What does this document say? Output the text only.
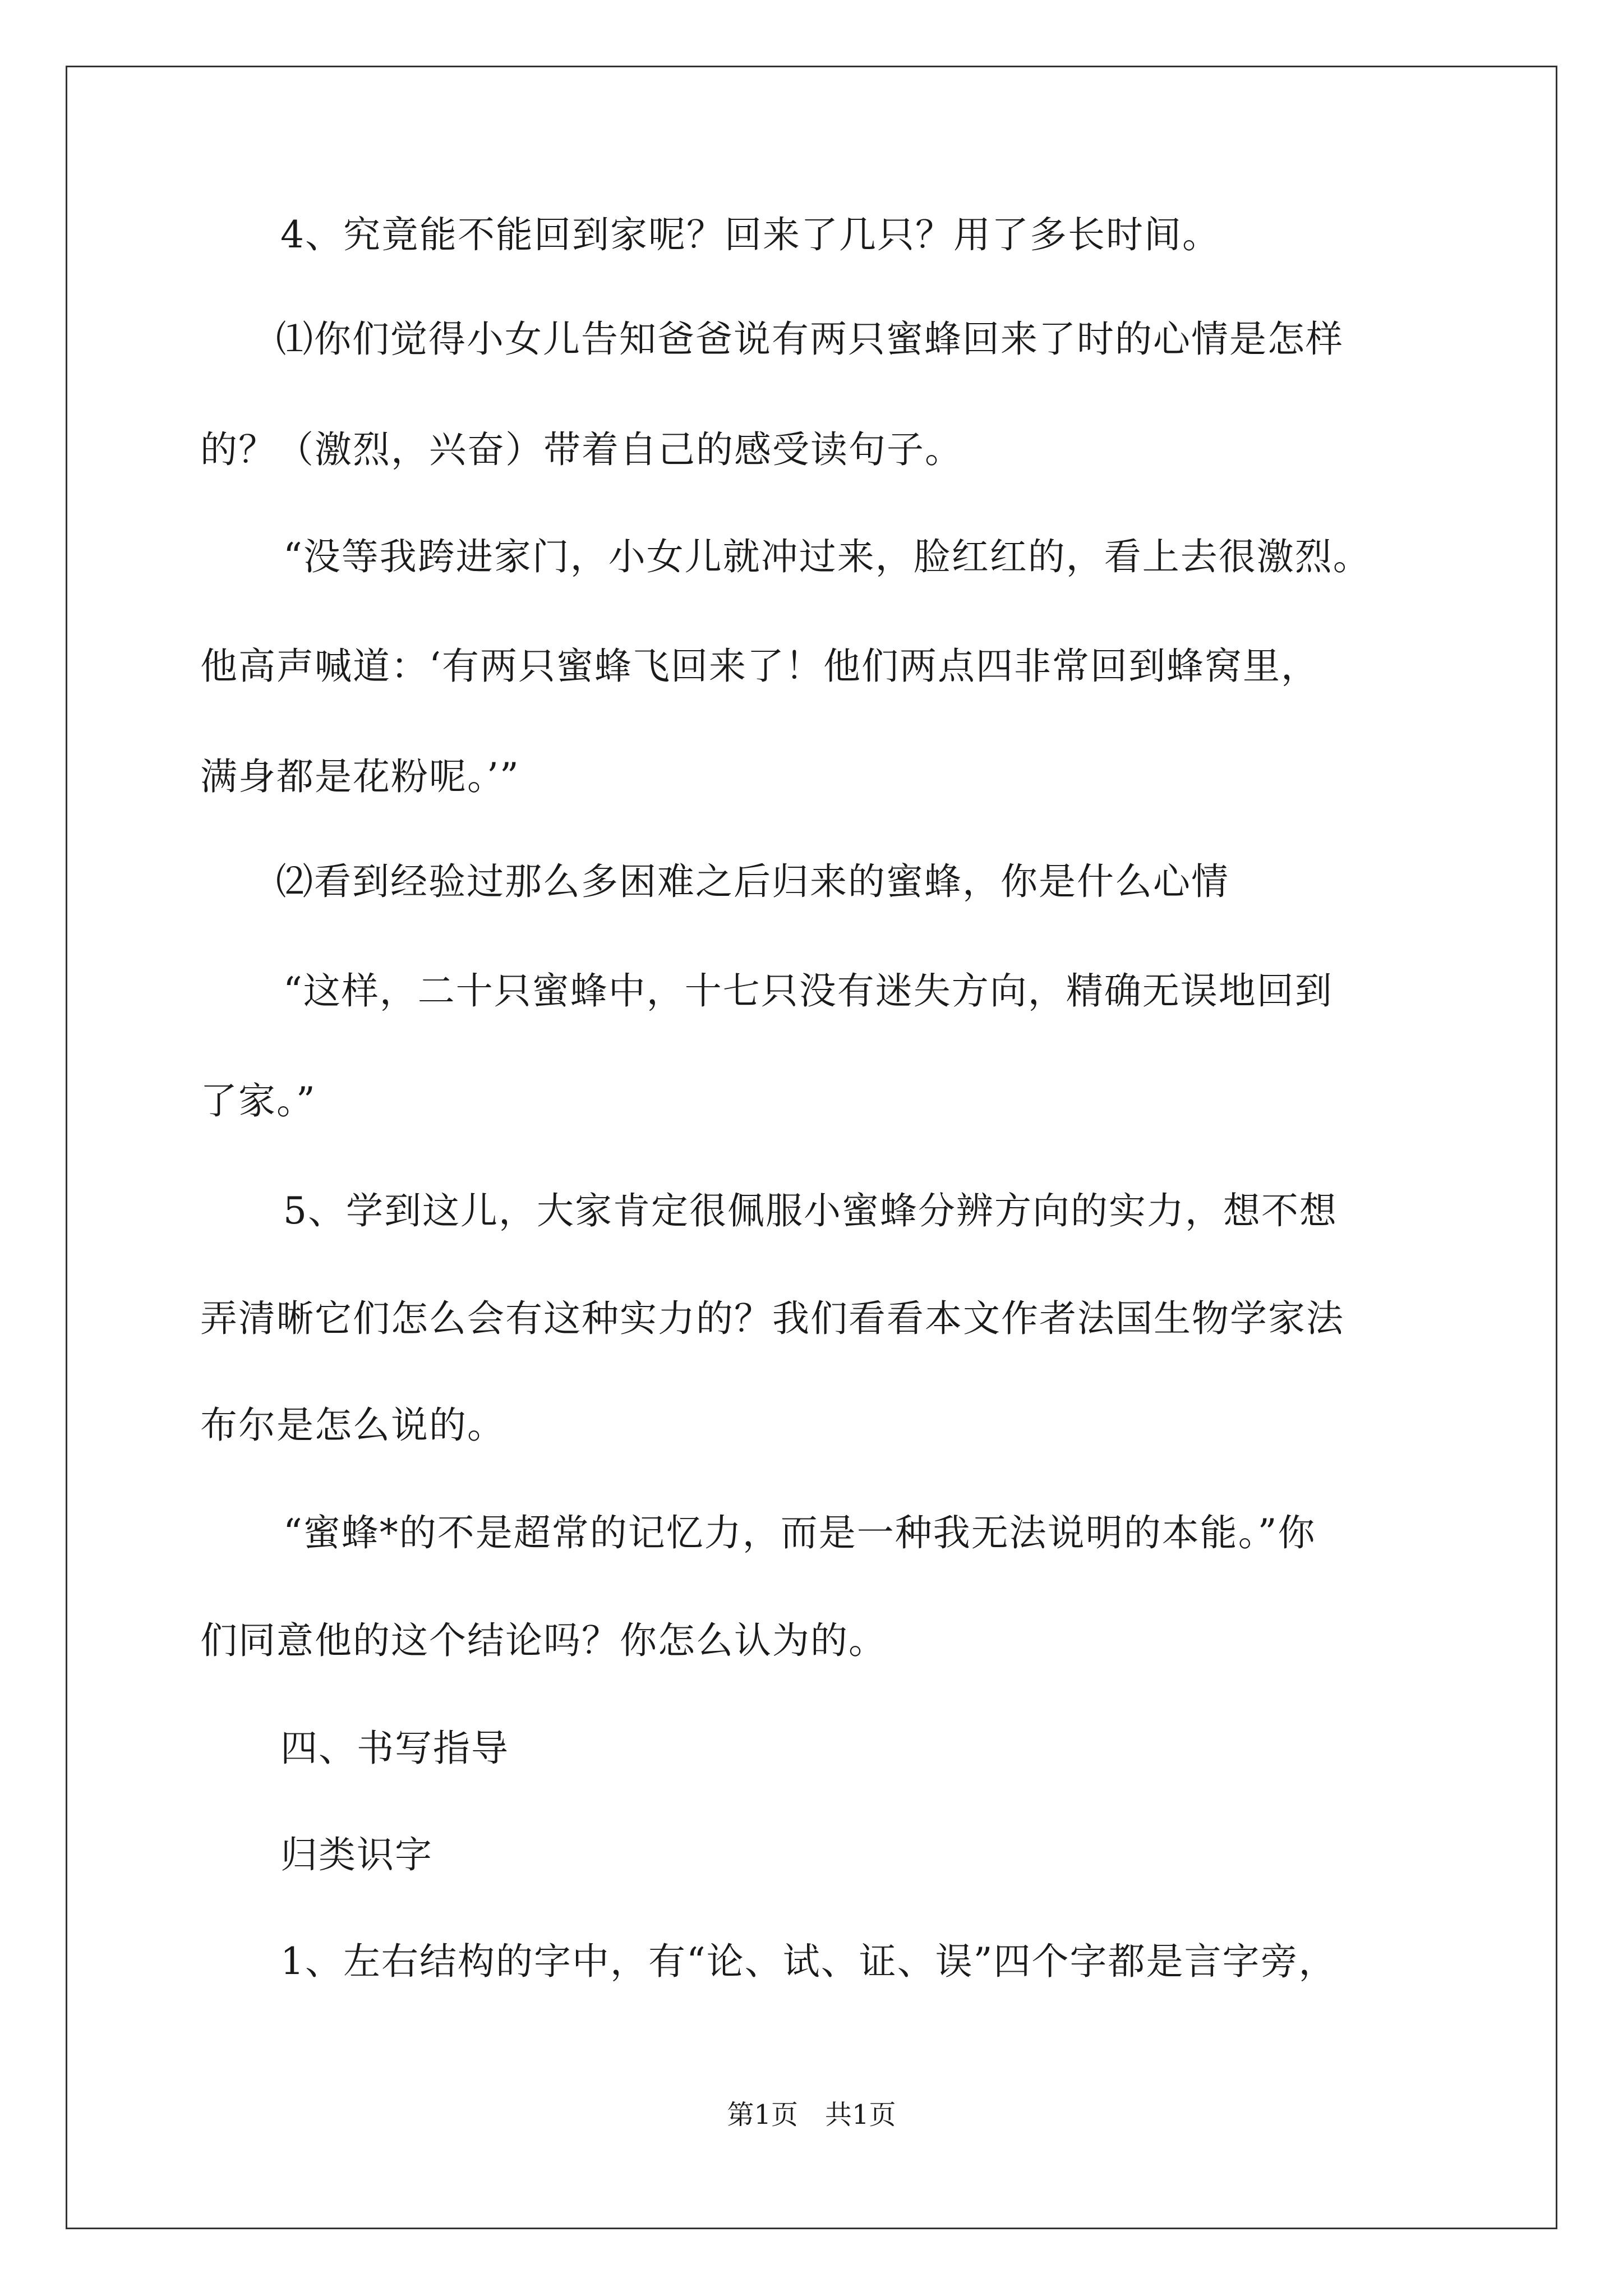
4、究竟能不能回到家呢？回来了几只？用了多长时间。
⑴你们觉得小女儿告知爸爸说有两只蜜蜂回来了时的心情是怎样
的？（激烈，兴奋）带着自己的感受读句子。
“没等我跨进家门，小女儿就冲过来，脸红红的，看上去很激烈。
他高声喊道：‘有两只蜜蜂飞回来了！他们两点四非常回到蜂窝里，
满身都是花粉呢。’”
⑵看到经验过那么多困难之后归来的蜜蜂，你是什么心情
“这样，二十只蜜蜂中，十七只没有迷失方向，精确无误地回到
了家。”
5、学到这儿，大家肯定很佩服小蜜蜂分辨方向的实力，想不想
弄清晰它们怎么会有这种实力的？我们看看本文作者法国生物学家法
布尔是怎么说的。
“蜜蜂*的不是超常的记忆力，而是一种我无法说明的本能。”你
们同意他的这个结论吗？你怎么认为的。
四、书写指导
归类识字
1、左右结构的字中，有“论、试、证、误”四个字都是言字旁，
第1页　共1页
